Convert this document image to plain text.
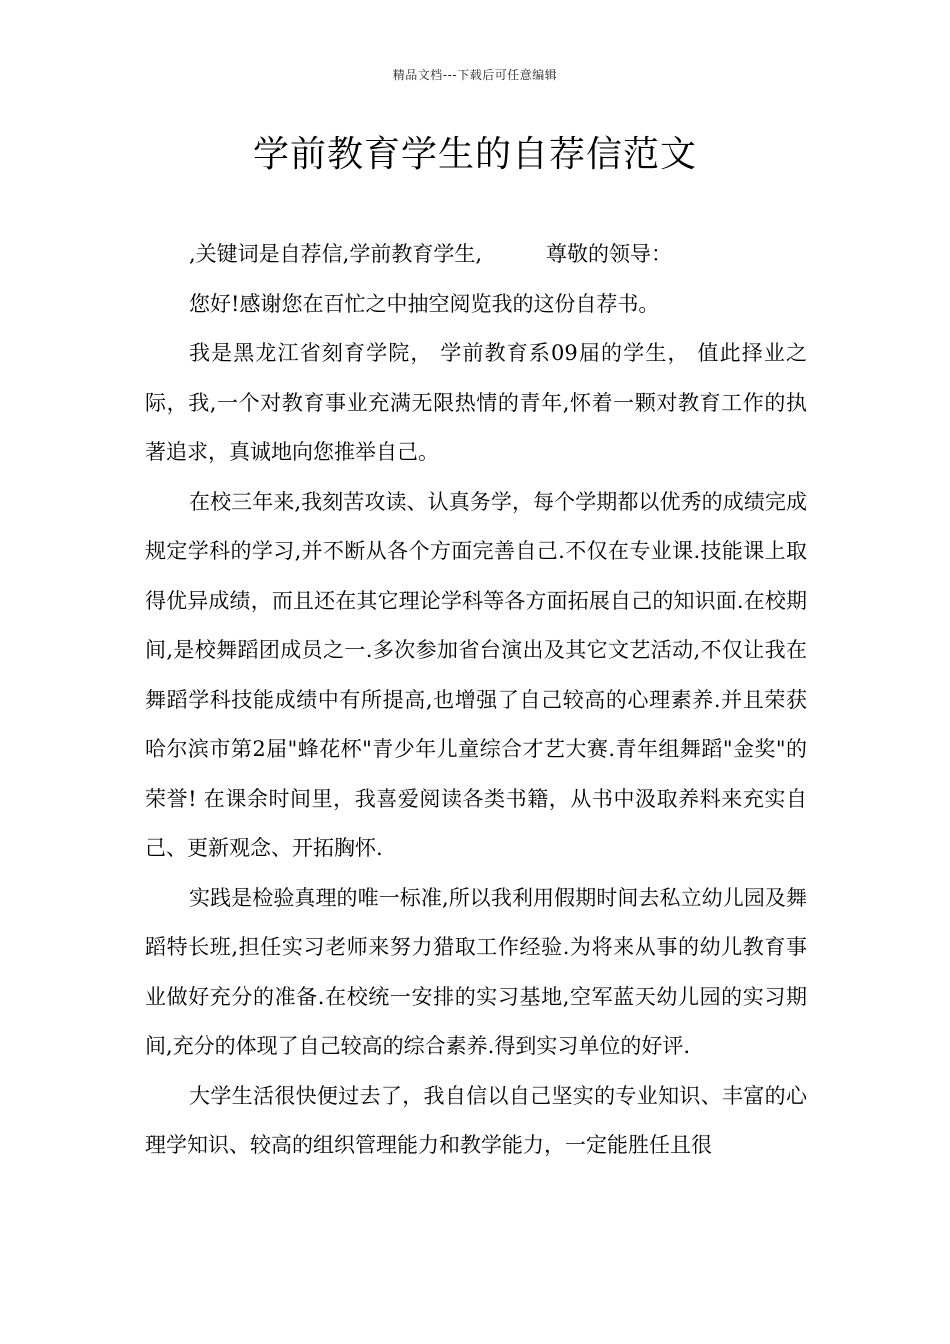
精品文档---下载后可任意编辑
学前教育学生的自荐信范文

,关键词是自荐信,学前教育学生,	尊敬的领导：

您好!感谢您在百忙之中抽空阅览我的这份自荐书。

我是黑龙江省刻育学院， 学前教育系09届的学生， 值此择业之际，我,一个对教育事业充满无限热情的青年,怀着一颗对教育工作的执著追求，真诚地向您推举自己。

在校三年来,我刻苦攻读、认真务学，每个学期都以优秀的成绩完成规定学科的学习,并不断从各个方面完善自己.不仅在专业课.技能课上取得优异成绩，而且还在其它理论学科等各方面拓展自己的知识面.在校期间,是校舞蹈团成员之一.多次参加省台演出及其它文艺活动,不仅让我在舞蹈学科技能成绩中有所提高,也增强了自己较高的心理素养.并且荣获哈尔滨市第2届"蜂花杯"青少年儿童综合才艺大赛.青年组舞蹈"金奖"的荣誉! 在课余时间里，我喜爱阅读各类书籍，从书中汲取养料来充实自己、更新观念、开拓胸怀.

实践是检验真理的唯一标准,所以我利用假期时间去私立幼儿园及舞蹈特长班,担任实习老师来努力猎取工作经验.为将来从事的幼儿教育事业做好充分的准备.在校统一安排的实习基地,空军蓝天幼儿园的实习期间,充分的体现了自己较高的综合素养.得到实习单位的好评.

大学生活很快便过去了，我自信以自己坚实的专业知识、丰富的心理学知识、较高的组织管理能力和教学能力，一定能胜任且很
